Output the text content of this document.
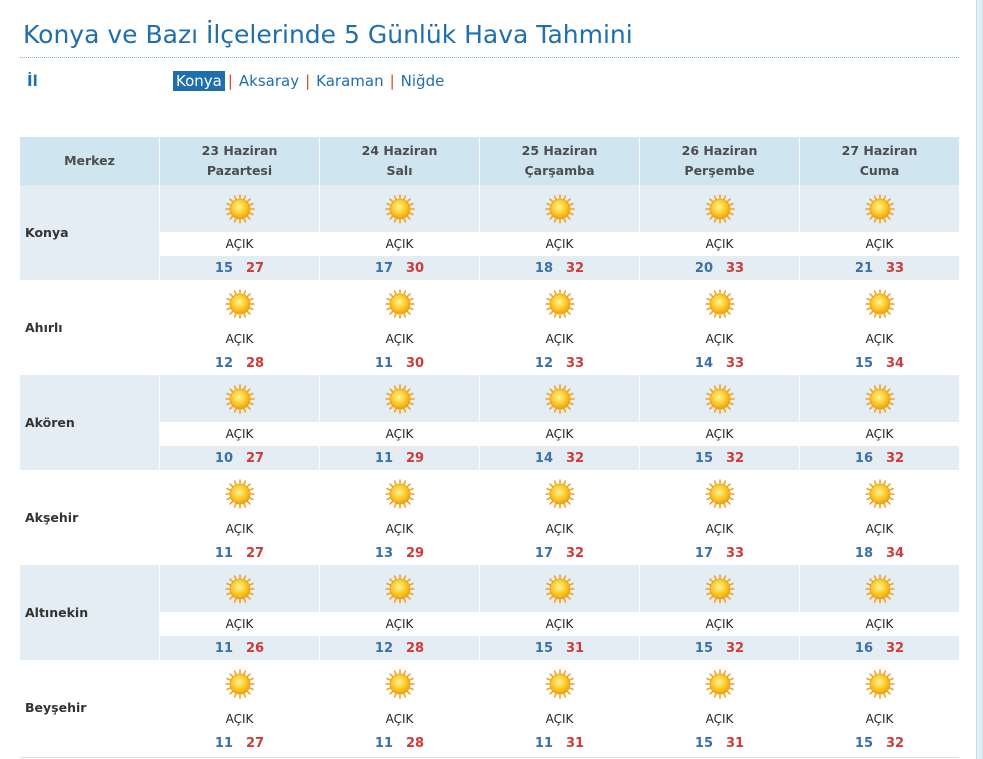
Konya ve Bazı İlçelerinde 5 Günlük Hava Tahmini
İl	Konya | Aksaray | Karaman | Niğde
Merkez
23 Haziran
Pazartesi
24 Haziran
Salı
25 Haziran
Çarşamba
26 Haziran
Perşembe
27 Haziran
Cuma
Konya
AÇIK
15 27
AÇIK
17 30
AÇIK
18 32
AÇIK
20 33
AÇIK
21 33
Ahırlı
AÇIK
12 28
AÇIK
11 30
AÇIK
12 33
AÇIK
14 33
AÇIK
15 34
Akören
AÇIK
10 27
AÇIK
11 29
AÇIK
14 32
AÇIK
15 32
AÇIK
16 32
Akşehir
AÇIK
11 27
AÇIK
13 29
AÇIK
17 32
AÇIK
17 33
AÇIK
18 34
Altınekin
AÇIK
11 26
AÇIK
12 28
AÇIK
15 31
AÇIK
15 32
AÇIK
16 32
Beyşehir
AÇIK
11 27
AÇIK
11 28
AÇIK
11 31
AÇIK
15 31
AÇIK
15 32
